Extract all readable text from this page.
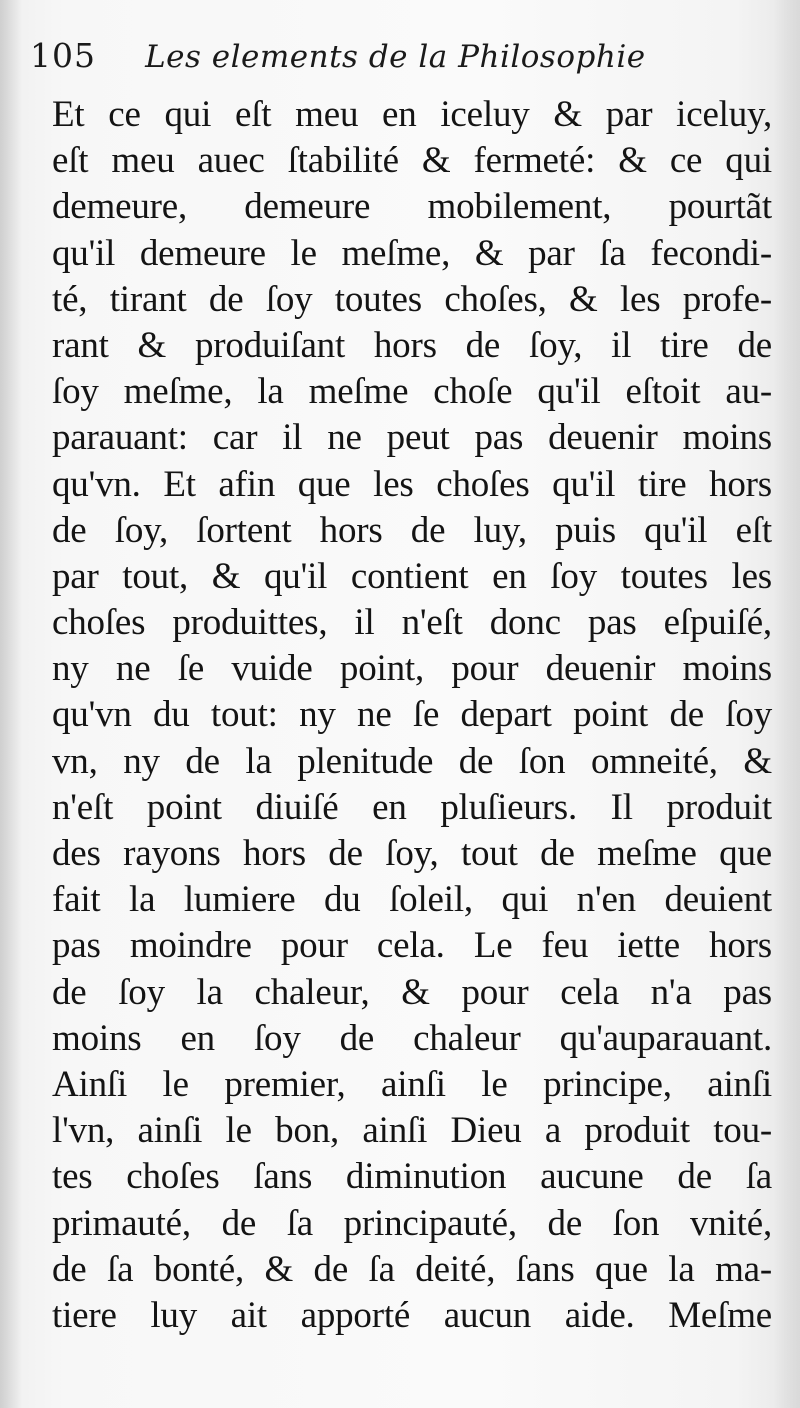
105 Les elements de la Philosophie
Et ce qui eſt meu en iceluy & par iceluy,
eſt meu auec ſtabilité & fermeté: & ce qui
demeure, demeure mobilement, pourtãt
qu'il demeure le meſme, & par ſa fecondi-
té, tirant de ſoy toutes choſes, & les profe-
rant & produiſant hors de ſoy, il tire de
ſoy meſme, la meſme choſe qu'il eſtoit au-
parauant: car il ne peut pas deuenir moins
qu'vn. Et afin que les choſes qu'il tire hors
de ſoy, ſortent hors de luy, puis qu'il eſt
par tout, & qu'il contient en ſoy toutes les
choſes produittes, il n'eſt donc pas eſpuiſé,
ny ne ſe vuide point, pour deuenir moins
qu'vn du tout: ny ne ſe depart point de ſoy
vn, ny de la plenitude de ſon omneité, &
n'eſt point diuiſé en pluſieurs. Il produit
des rayons hors de ſoy, tout de meſme que
fait la lumiere du ſoleil, qui n'en deuient
pas moindre pour cela. Le feu iette hors
de ſoy la chaleur, & pour cela n'a pas
moins en ſoy de chaleur qu'auparauant.
Ainſi le premier, ainſi le principe, ainſi
l'vn, ainſi le bon, ainſi Dieu a produit tou-
tes choſes ſans diminution aucune de ſa
primauté, de ſa principauté, de ſon vnité,
de ſa bonté, & de ſa deité, ſans que la ma-
tiere luy ait apporté aucun aide. Meſme
